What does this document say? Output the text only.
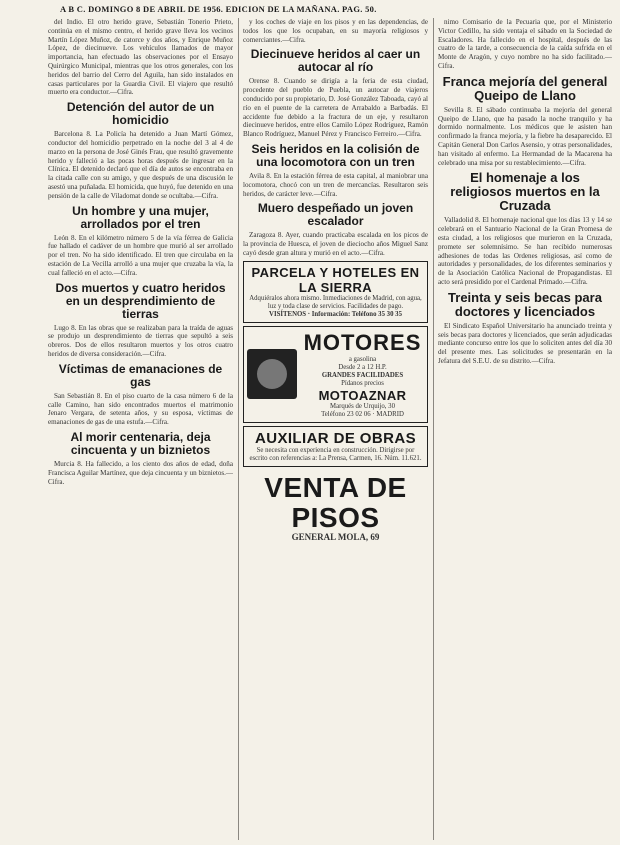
A B C. DOMINGO 8 DE ABRIL DE 1956. EDICION DE LA MAÑANA. PAG. 50.

del Indio. El otro herido grave, Sebastián Tonerio Prieto, continúa en el mismo centro, el herido grave lleva los vecinos Martín López Muñoz, de catorce y dos años, y Enrique Muñoz López, de diecinueve. Los vehículos llamados de mayor importancia, han efectuado las observaciones por el Ensayo Quirúrgico Municipal, mientras que los otros generales, con los heridos del barrio del Cerro del Aguila, han sido instalados en casas particulares por la Guardia Civil. El viajero que resultó muerto era conductor.—Cifra.

Detención del autor de un homicidio

Barcelona 8. La Policía ha detenido a Juan Martí Gómez, conductor del homicidio perpetrado en la noche del 3 al 4 de marzo en la persona de José Ginés Frau, que resultó gravemente herido y falleció a las pocas horas después de ingresar en la Clínica. El detenido declaró que el día de autos se encontraba en la citada calle con su amigo, y que después de una discusión le asestó una puñalada. El homicida, que huyó, fue detenido en una pensión de la calle de Viladomat donde se ocultaba.—Cifra.

Un hombre y una mujer, arrollados por el tren

León 8. En el kilómetro número 5 de la vía férrea de Galicia fue hallado el cadáver de un hombre que murió al ser arrollado por el tren. No ha sido identificado. El tren que circulaba en la estación de La Vecilla arrolló a una mujer que cruzaba la vía, la cual falleció en el acto.—Cifra.

Dos muertos y cuatro heridos en un desprendimiento de tierras

Lugo 8. En las obras que se realizaban para la traída de aguas se produjo un desprendimiento de tierras que sepultó a seis obreros. Dos de ellos resultaron muertos y los otros cuatro heridos de diversa consideración.—Cifra.

Víctimas de emanaciones de gas

San Sebastián 8. En el piso cuarto de la casa número 6 de la calle Camino, han sido encontrados muertos el matrimonio Jenaro Vergara, de setenta años, y su esposa, víctimas de emanaciones de gas de una estufa.—Cifra.

Al morir centenaria, deja cincuenta y un biznietos

Murcia 8. Ha fallecido, a los ciento dos años de edad, doña Francisca Aguilar Martínez, que deja cincuenta y un biznietos.—Cifra.

y los coches de viaje en los pisos y en las dependencias, de todos los que los ocupaban, en su mayoría religiosos y comerciantes.—Cifra.

Diecinueve heridos al caer un autocar al río

Orense 8. Cuando se dirigía a la feria de esta ciudad, procedente del pueblo de Puebla, un autocar de viajeros conducido por su propietario, D. José González Taboada, cayó al río en el puente de la carretera de Arrabaldo a Barbadás. El accidente fue debido a la fractura de un eje, y resultaron diecinueve heridos, entre ellos Camilo López Rodríguez, Ramón Blanco Rodríguez, Manuel Pérez y Francisco Ferreiro.—Cifra.

Seis heridos en la colisión de una locomotora con un tren

Avila 8. En la estación férrea de esta capital, al maniobrar una locomotora, chocó con un tren de mercancías. Resultaron seis heridos, de carácter leve.—Cifra.

Muero despeñado un joven escalador

Zaragoza 8. Ayer, cuando practicaba escalada en los picos de la provincia de Huesca, el joven de dieciocho años Miguel Sanz cayó desde gran altura y murió en el acto.—Cifra.

PARCELA Y HOTELES EN LA SIERRA
Adquiéralos ahora mismo. Inmediaciones de Madrid, con agua, luz y toda clase de servicios. Facilidades de pago.
VISÍTENOS · Información: Teléfono 35 30 35
MOTORES
a gasolina
Desde 2 a 12 H.P.
GRANDES FACILIDADES
Pídanos precios
MOTOAZNAR
Marqués de Urquijo, 30
Teléfono 23 02 06 · MADRID
AUXILIAR DE OBRAS
Se necesita con experiencia en construcción. Dirigirse por escrito con referencias a: La Prensa, Carmen, 16. Núm. 11.621.
VENTA DE PISOS
GENERAL MOLA, 69

nimo Comisario de la Pecuaria que, por el Ministerio Victor Cedillo, ha sido ventaja el sábado en la Sociedad de Escaladores. Ha fallecido en el hospital, después de las cuatro de la tarde, a consecuencia de la caída sufrida en el Monte de Aragón, y cuyo nombre no ha sido facilitado.—Cifra.

Franca mejoría del general Queipo de Llano

Sevilla 8. El sábado continuaba la mejoría del general Queipo de Llano, que ha pasado la noche tranquilo y ha dormido normalmente. Los médicos que le asisten han confirmado la franca mejoría, y la fiebre ha desaparecido. El Capitán General Don Carlos Asensio, y otras personalidades, han visitado al enfermo. La Hermandad de la Macarena ha celebrado una misa por su restablecimiento.—Cifra.

El homenaje a los religiosos muertos en la Cruzada

Valladolid 8. El homenaje nacional que los días 13 y 14 se celebrará en el Santuario Nacional de la Gran Promesa de esta ciudad, a los religiosos que murieron en la Cruzada, promete ser solemnísimo. Se han recibido numerosas adhesiones de todas las Ordenes religiosas, así como de autoridades y personalidades, de los diferentes seminarios y de la Asociación Católica Nacional de Propagandistas. El acto será presidido por el Cardenal Primado.—Cifra.

Treinta y seis becas para doctores y licenciados

El Sindicato Español Universitario ha anunciado treinta y seis becas para doctores y licenciados, que serán adjudicadas mediante concurso entre los que lo soliciten antes del día 30 del presente mes. Las solicitudes se presentarán en la Jefatura del S.E.U. de su distrito.—Cifra.
